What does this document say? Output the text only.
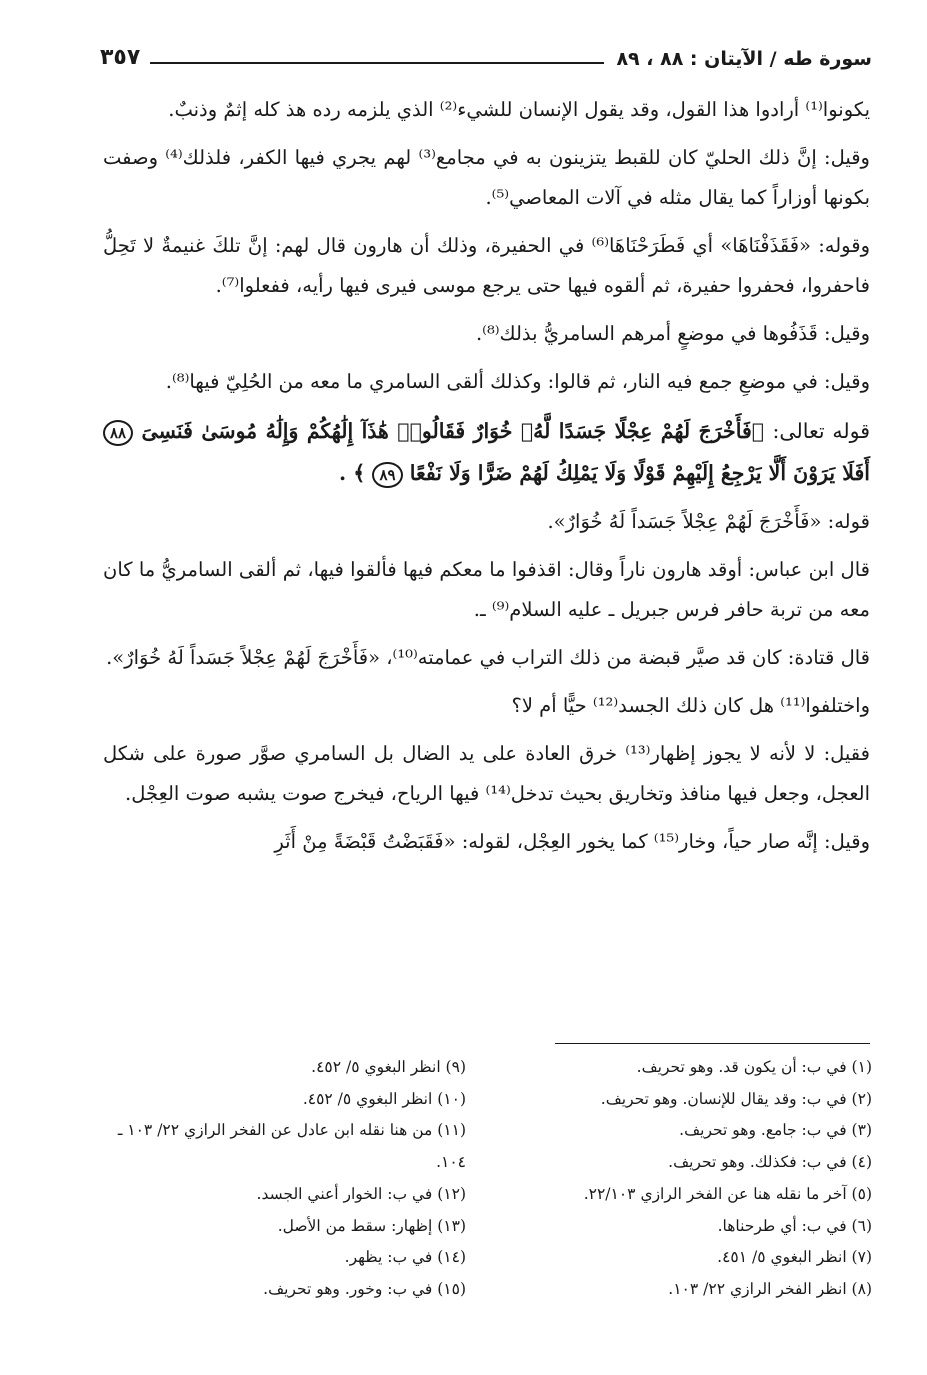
سورة طه / الآيتان : ٨٨ ، ٨٩
٣٥٧

يكونوا⁽¹⁾ أرادوا هذا القول، وقد يقول الإنسان للشيء⁽²⁾ الذي يلزمه رده هذ كله إثمٌ وذنبٌ.

وقيل: إنَّ ذلك الحليّ كان للقبط يتزينون به في مجامع⁽³⁾ لهم يجري فيها الكفر، فلذلك⁽⁴⁾ وصفت بكونها أوزاراً كما يقال مثله في آلات المعاصي⁽⁵⁾.

وقوله: «فَقَذَفْنَاهَا» أي فَطَرَحْنَاهَا⁽⁶⁾ في الحفيرة، وذلك أن هارون قال لهم: إنَّ تلكَ غنيمةٌ لا تَحِلُّ فاحفروا، فحفروا حفيرة، ثم ألقوه فيها حتى يرجع موسى فيرى فيها رأيه، ففعلوا⁽⁷⁾.

وقيل: قَذَفُوها في موضعٍ أمرهم السامريُّ بذلك⁽⁸⁾.

وقيل: في موضعِ جمع فيه النار، ثم قالوا: وكذلك ألقى السامري ما معه من الحُلِيّ فيها⁽⁸⁾.

قوله تعالى: ﴿فَأَخْرَجَ لَهُمْ عِجْلًا جَسَدًا لَّهُۥ خُوَارٌ فَقَالُوا۟ هَٰذَآ إِلَٰهُكُمْ وَإِلَٰهُ مُوسَىٰ فَنَسِىَ ٨٨ أَفَلَا يَرَوْنَ أَلَّا يَرْجِعُ إِلَيْهِمْ قَوْلًا وَلَا يَمْلِكُ لَهُمْ ضَرًّا وَلَا نَفْعًا ٨٩ ﴾ .

قوله: «فَأَخْرَجَ لَهُمْ عِجْلاً جَسَداً لَهُ خُوَارٌ».

قال ابن عباس: أوقد هارون ناراً وقال: اقذفوا ما معكم فيها فألقوا فيها، ثم ألقى السامريُّ ما كان معه من تربة حافر فرس جبريل ـ عليه السلام⁽⁹⁾ ـ.

قال قتادة: كان قد صيَّر قبضة من ذلك التراب في عمامته⁽¹⁰⁾، «فَأَخْرَجَ لَهُمْ عِجْلاً جَسَداً لَهُ خُوَارٌ».

واختلفوا⁽¹¹⁾ هل كان ذلك الجسد⁽¹²⁾ حيًّا أم لا؟

فقيل: لا لأنه لا يجوز إظهار⁽¹³⁾ خرق العادة على يد الضال بل السامري صوَّر صورة على شكل العجل، وجعل فيها منافذ وتخاريق بحيث تدخل⁽¹⁴⁾ فيها الرياح، فيخرج صوت يشبه صوت العِجْل.

وقيل: إنَّه صار حياً، وخار⁽¹⁵⁾ كما يخور العِجْل، لقوله: «فَقَبَضْتُ قَبْضَةً مِنْ أَثَرِ

(١) في ب: أن يكون قد. وهو تحريف.
(٢) في ب: وقد يقال للإنسان. وهو تحريف.
(٣) في ب: جامع. وهو تحريف.
(٤) في ب: فكذلك. وهو تحريف.
(٥) آخر ما نقله هنا عن الفخر الرازي ٢٢/١٠٣.
(٦) في ب: أي طرحناها.
(٧) انظر البغوي ٥/ ٤٥١.
(٨) انظر الفخر الرازي ٢٢/ ١٠٣.
(٩) انظر البغوي ٥/ ٤٥٢.
(١٠) انظر البغوي ٥/ ٤٥٢.
(١١) من هنا نقله ابن عادل عن الفخر الرازي ٢٢/ ١٠٣ ـ ١٠٤.
(١٢) في ب: الخوار أعني الجسد.
(١٣) إظهار: سقط من الأصل.
(١٤) في ب: يظهر.
(١٥) في ب: وخور. وهو تحريف.
